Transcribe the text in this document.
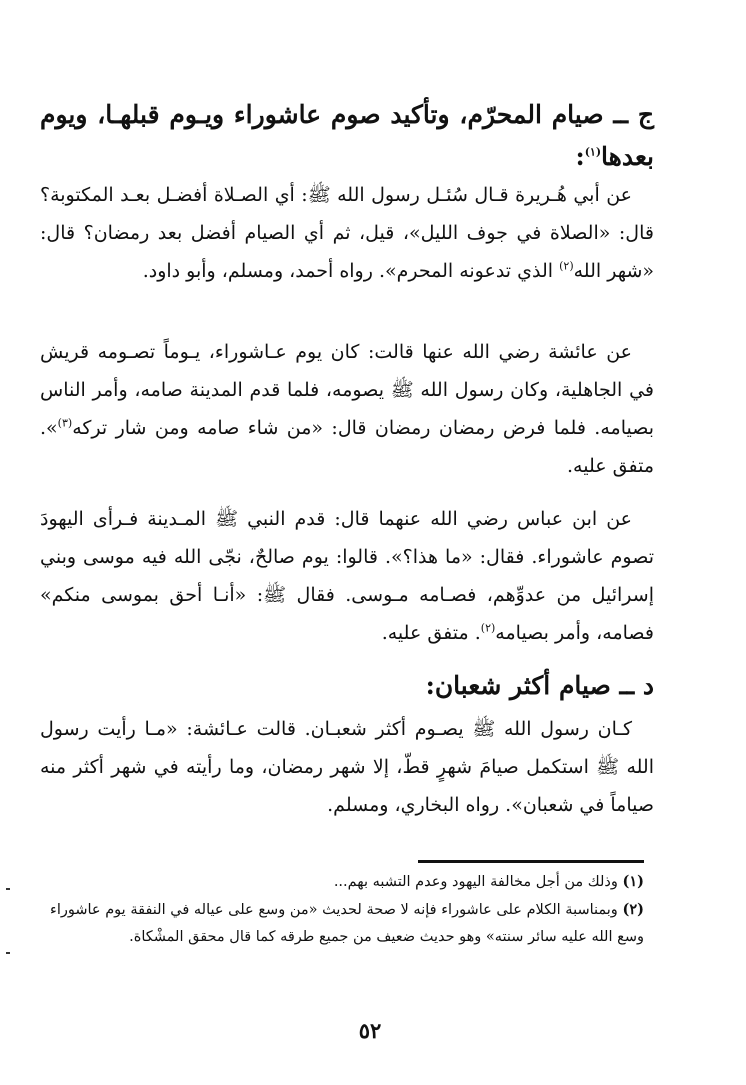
ج ــ صيام المحرّم، وتأكيد صوم عاشوراء ويـوم قبلهـا، ويوم بعدها$^{(١)}$:
عن أبي هُـريرة قـال سُئـل رسول الله ﷺ: أي الصـلاة أفضـل بعـد المكتوبة؟ قال: «الصلاة في جوف الليل»، قيل، ثم أي الصيام أفضل بعد رمضان؟ قال: «شهر الله$^{(٢)}$ الذي تدعونه المحرم». رواه أحمد، ومسلم، وأبو داود.
عن عائشة رضي الله عنها قالت: كان يوم عـاشوراء، يـوماً تصـومه قريش في الجاهلية، وكان رسول الله ﷺ يصومه، فلما قدم المدينة صامه، وأمر الناس بصيامه. فلما فرض رمضان رمضان قال: «من شاء صامه ومن شار تركه$^{(٣)}$». متفق عليه.
عن ابن عباس رضي الله عنهما قال: قدم النبي ﷺ المـدينة فـرأى اليهودَ تصوم عاشوراء. فقال: «ما هذا؟». قالوا: يوم صالحٌ، نجّى الله فيه موسى وبني إسرائيل من عدوِّهم، فصـامه مـوسى. فقال ﷺ: «أنـا أحق بموسى منكم» فصامه، وأمر بصيامه$^{(٢)}$. متفق عليه.
د ــ صيام أكثر شعبان:
كـان رسول الله ﷺ يصـوم أكثر شعبـان. قالت عـائشة: «مـا رأيت رسول الله ﷺ استكمل صيامَ شهرٍ قطّ، إلا شهر رمضان، وما رأيته في شهر أكثر منه صياماً في شعبان». رواه البخاري، ومسلم.
(١) وذلك من أجل مخالفة اليهود وعدم التشبه بهم...
(٢) وبمناسبة الكلام على عاشوراء فإنه لا صحة لحديث «من وسع على عياله في النفقة يوم عاشوراء وسع الله عليه سائر سنته» وهو حديث ضعيف من جميع طرقه كما قال محقق المشْكاة.
٥٢
